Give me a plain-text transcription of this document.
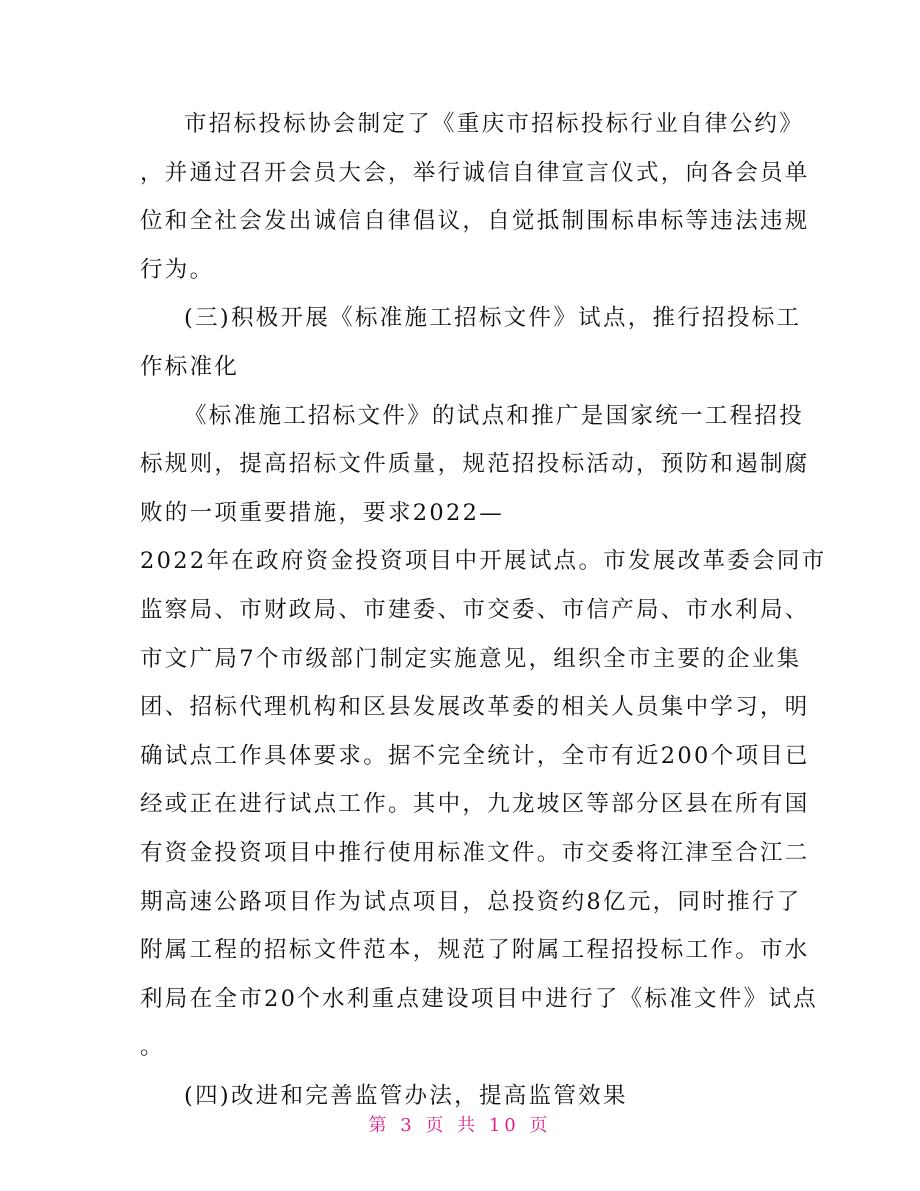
市招标投标协会制定了《重庆市招标投标行业自律公约》
，并通过召开会员大会，举行诚信自律宣言仪式，向各会员单
位和全社会发出诚信自律倡议，自觉抵制围标串标等违法违规
行为。
(三)积极开展《标准施工招标文件》试点，推行招投标工
作标准化
《标准施工招标文件》的试点和推广是国家统一工程招投
标规则，提高招标文件质量，规范招投标活动，预防和遏制腐
败的一项重要措施，要求2022—
2022年在政府资金投资项目中开展试点。市发展改革委会同市
监察局、市财政局、市建委、市交委、市信产局、市水利局、
市文广局7个市级部门制定实施意见，组织全市主要的企业集
团、招标代理机构和区县发展改革委的相关人员集中学习，明
确试点工作具体要求。据不完全统计，全市有近200个项目已
经或正在进行试点工作。其中，九龙坡区等部分区县在所有国
有资金投资项目中推行使用标准文件。市交委将江津至合江二
期高速公路项目作为试点项目，总投资约8亿元，同时推行了
附属工程的招标文件范本，规范了附属工程招投标工作。市水
利局在全市20个水利重点建设项目中进行了《标准文件》试点
。
(四)改进和完善监管办法，提高监管效果
第 3 页 共 10 页
